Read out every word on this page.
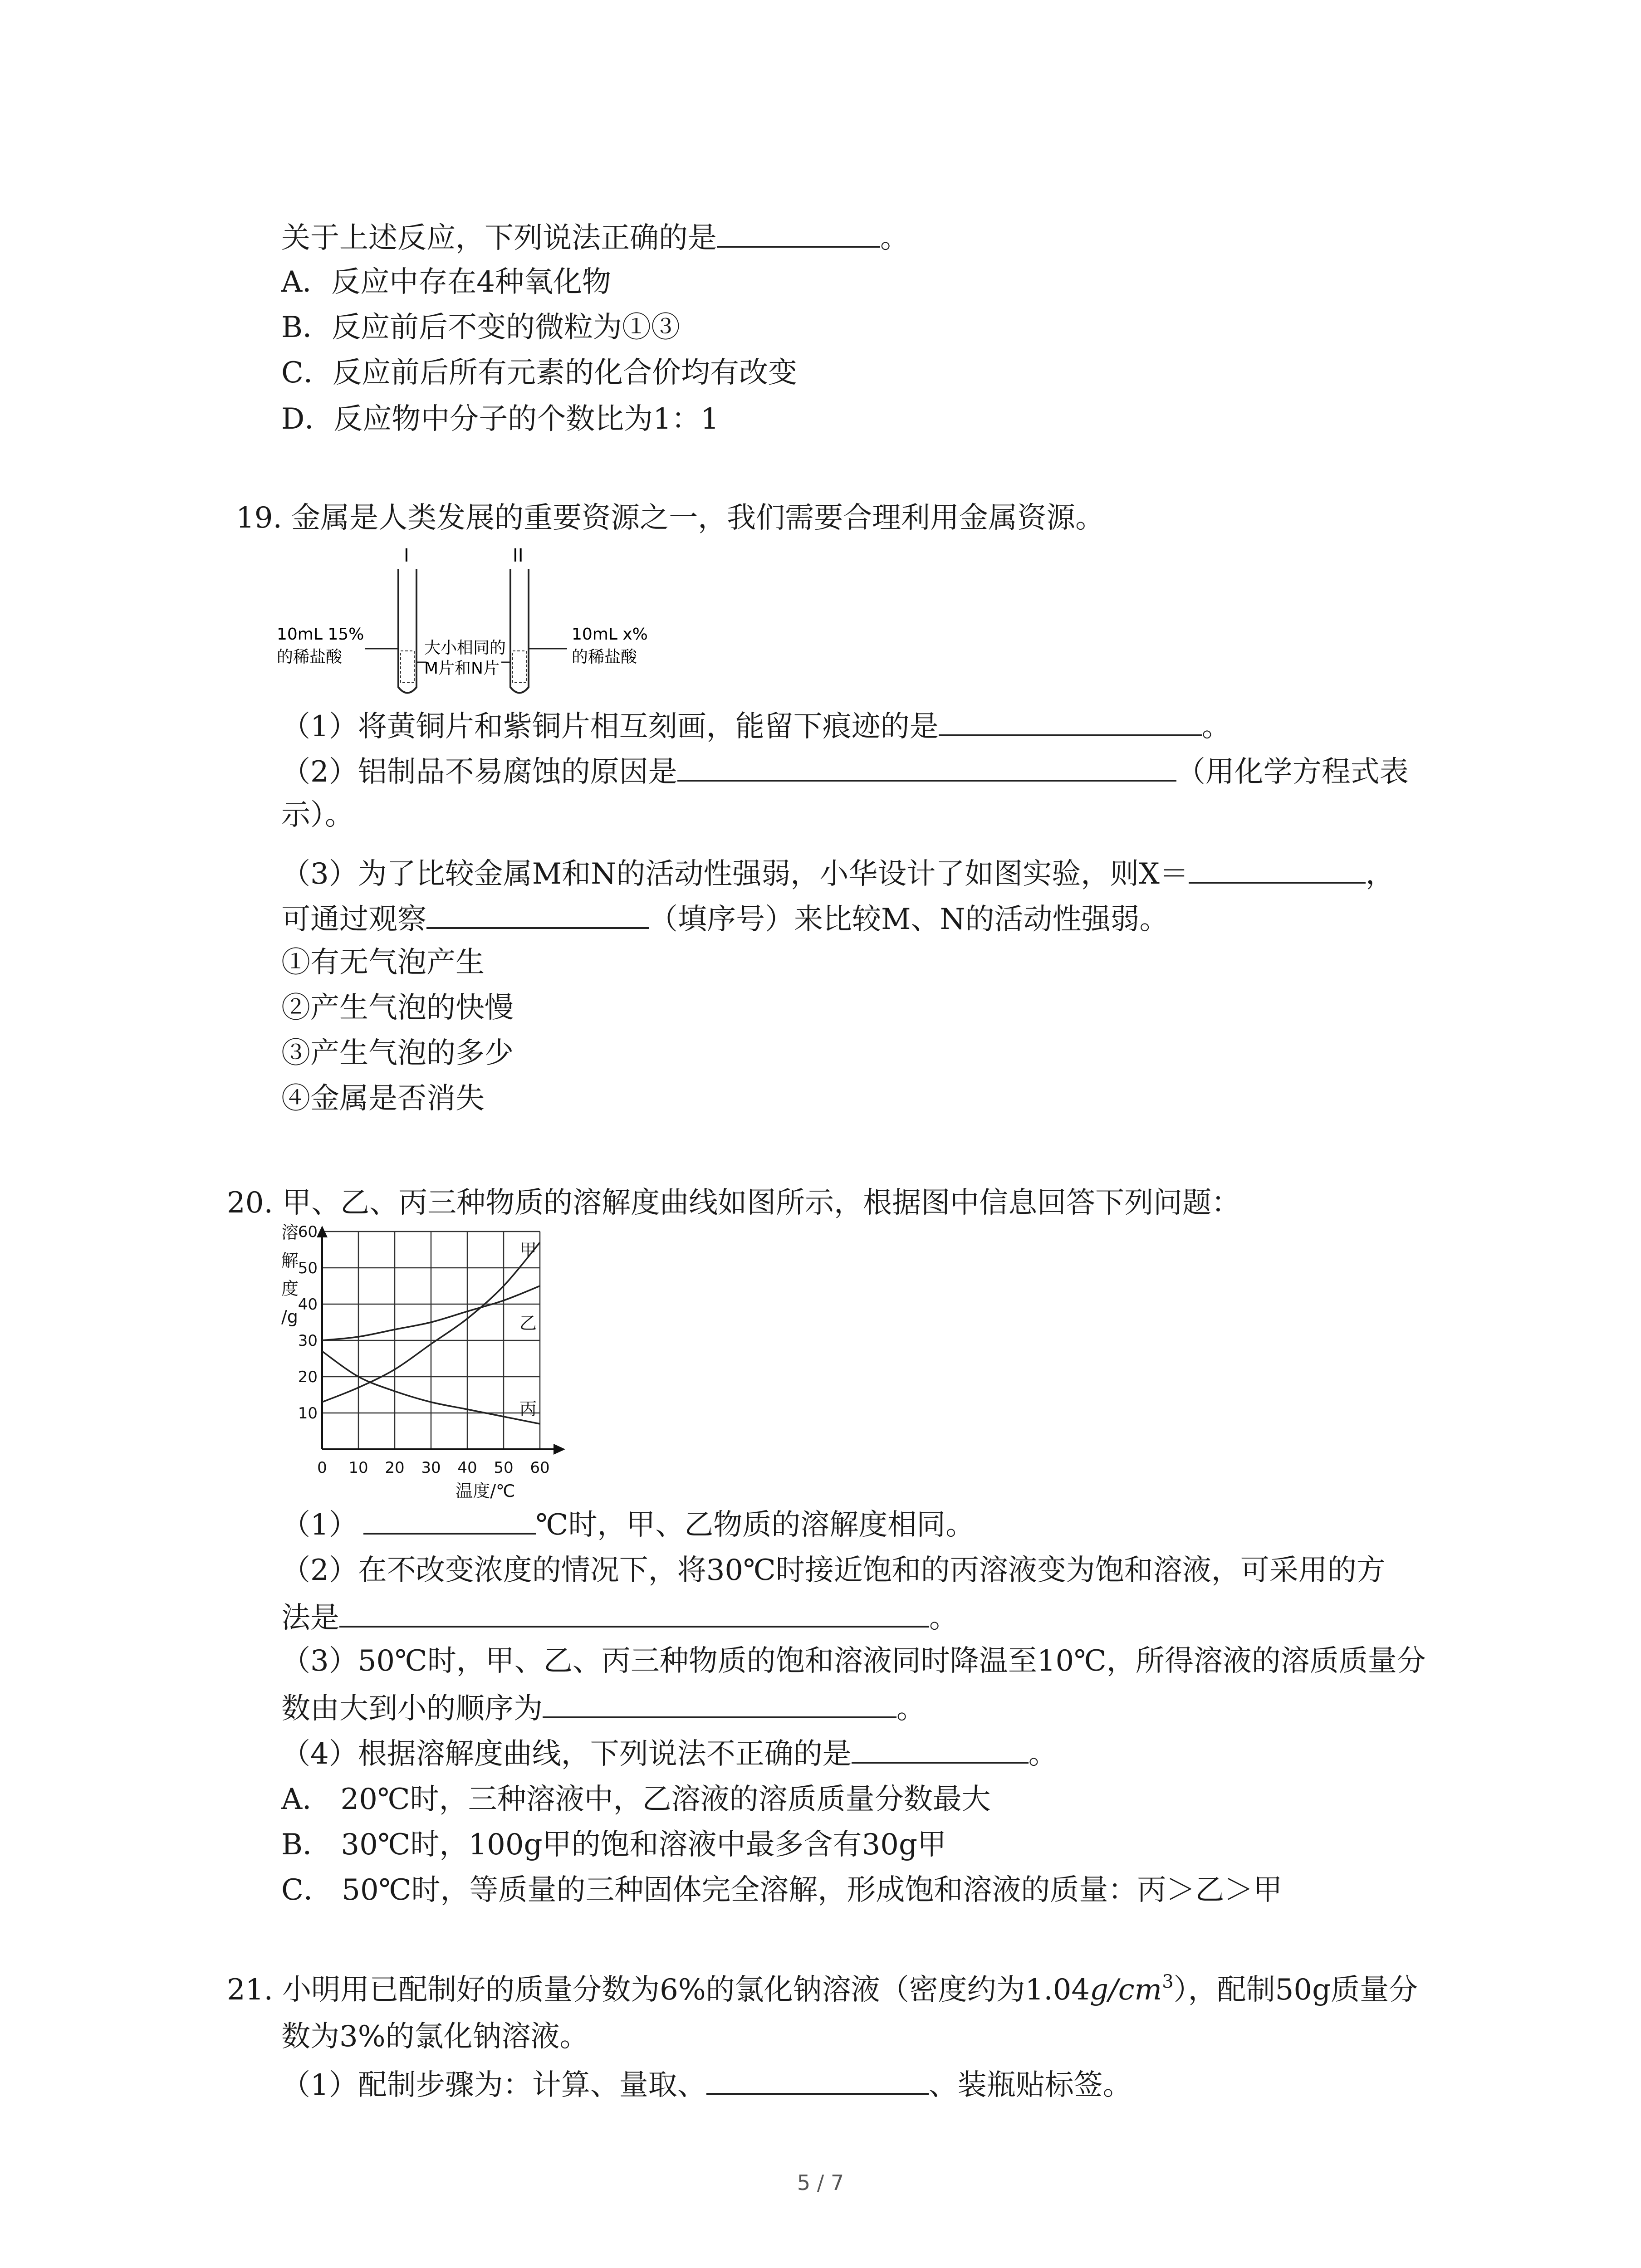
关于上述反应，下列说法正确的是	。
A．反应中存在4种氧化物
B．反应前后不变的微粒为①③
C．反应前后所有元素的化合价均有改变
D．反应物中分子的个数比为1：1
19. 金属是人类发展的重要资源之一，我们需要合理利用金属资源。
I	II
10mL 15%
的稀盐酸	大小相同的
M片和N片
10mL x%
的稀盐酸
（1）将黄铜片和紫铜片相互刻画，能留下痕迹的是	。
（2）铝制品不易腐蚀的原因是	（用化学方程式表
示）。
（3）为了比较金属M和N的活动性强弱，小华设计了如图实验，则X＝	，
可通过观察	（填序号）来比较M、N的活动性强弱。
①有无气泡产生
②产生气泡的快慢
③产生气泡的多少
④金属是否消失
20. 甲、乙、丙三种物质的溶解度曲线如图所示，根据图中信息回答下列问题：
甲
乙
丙
0 10 20 30 40 50 60
10
20
30
40
50
60
溶
解
度
/g
温度/℃
（1）	℃时，甲、乙物质的溶解度相同。
（2）在不改变浓度的情况下，将30℃时接近饱和的丙溶液变为饱和溶液，可采用的方
法是	。
（3）50℃时，甲、乙、丙三种物质的饱和溶液同时降温至10℃，所得溶液的溶质质量分
数由大到小的顺序为	。
（4）根据溶解度曲线，下列说法不正确的是	。
A． 20℃时，三种溶液中，乙溶液的溶质质量分数最大
B． 30℃时，100g甲的饱和溶液中最多含有30g甲
C． 50℃时，等质量的三种固体完全溶解，形成饱和溶液的质量：丙＞乙＞甲
21. 小明用已配制好的质量分数为6%的氯化钠溶液（密度约为$1.04g/cm^3$），配制50g质量分
数为3%的氯化钠溶液。
（1）配制步骤为：计算、量取、	、装瓶贴标签。
5 / 7
